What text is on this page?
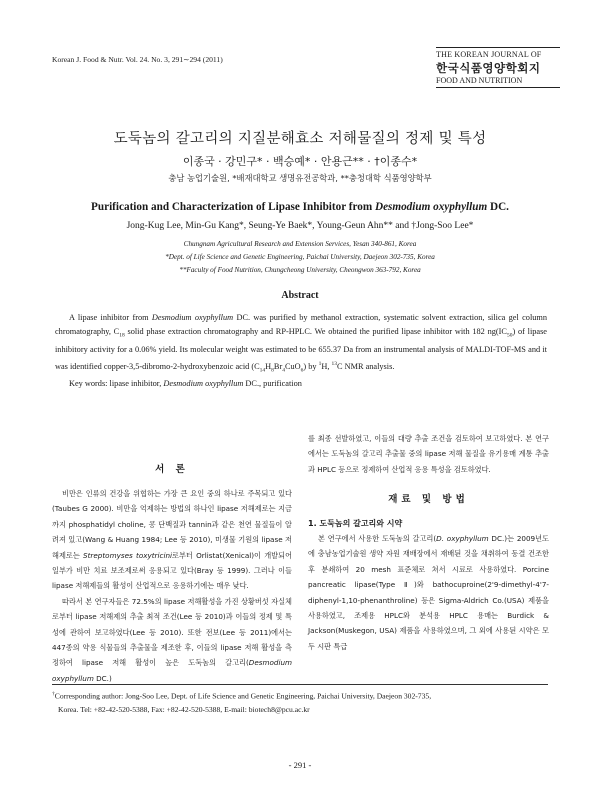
Korean J. Food & Nutr. Vol. 24. No. 3, 291∼294 (2011)
THE KOREAN JOURNAL OF
한국식품영양학회지
FOOD AND NUTRITION
도둑놈의 갈고리의 지질분해효소 저해물질의 정제 및 특성
이종국 · 강민구* · 백승예* · 안용근** · †이종수*
충남 농업기술원, *배재대학교 생명유전공학과, **충청대학 식품영양학부
Purification and Characterization of Lipase Inhibitor from Desmodium oxyphyllum DC.
Jong-Kug Lee, Min-Gu Kang*, Seung-Ye Baek*, Young-Geun Ahn** and †Jong-Soo Lee*
Chungnam Agricultural Research and Extension Services, Yesan 340-861, Korea
*Dept. of Life Science and Genetic Engineering, Paichai University, Daejeon 302-735, Korea
**Faculty of Food Nutrition, Chungcheong University, Cheongwon 363-792, Korea
Abstract

A lipase inhibitor from Desmodium oxyphyllum DC. was purified by methanol extraction, systematic solvent extraction, silica gel column chromatography, $C_{18}$ solid phase extraction chromatography and RP-HPLC. We obtained the purified lipase inhibitor with 182 $ng(IC_{50})$ of lipase inhibitory activity for a 0.06% yield. Its molecular weight was estimated to be 655.37 Da from an instrumental analysis of MALDI-TOF-MS and it was identified copper-3,5-dibromo-2-hydroxybenzoic acid $(C_{14}H_8Br_4CuO_6)$ by $^1$H, $^{13}$C NMR analysis.

Key words: lipase inhibitor, Desmodium oxyphyllum DC., purification

서 론

비만은 인류의 건강을 위협하는 가장 큰 요인 중의 하나로 주목되고 있다(Taubes G 2000). 비만을 억제하는 방법의 하나인 lipase 저해제로는 지금까지 phosphatidyl choline, 콩 단백질과 tannin과 같은 천연 물질들이 알려져 있고(Wang & Huang 1984; Lee 등 2010), 미생물 기원의 lipase 저해제로는 Streptomyses toxytricini로부터 Orlistat(Xenical)이 개발되어 일부가 비만 치료 보조제로써 응용되고 있다(Bray 등 1999). 그러나 이들 lipase 저해제들의 활성이 산업적으로 응용하기에는 매우 낮다.

따라서 본 연구자들은 72.5%의 lipase 저해활성을 가진 상황버섯 자실체로부터 lipase 저해제의 추출 최적 조건(Lee 등 2010)과 이들의 정제 및 특성에 관하여 보고하였다(Lee 등 2010). 또한 전보(Lee 등 2011)에서는 447종의 약용 식물들의 추출물을 제조한 후, 이들의 lipase 저해 활성을 측정하여 lipase 저해 활성이 높은 도둑놈의 갈고리(Desmodium oxyphyllum DC.)

를 최종 선발하였고, 이들의 대량 추출 조건을 검토하여 보고하였다. 본 연구에서는 도둑놈의 갈고리 추출물 중의 lipase 저해 물질을 유기용매 계통 추출과 HPLC 등으로 정제하여 산업적 응용 특성을 검토하였다.

재료 및 방법
1. 도둑놈의 갈고리와 시약

본 연구에서 사용한 도둑놈의 갈고리(D. oxyphyllum DC.)는 2009년도에 충남농업기술원 생약 자원 재배장에서 재배된 것을 채취하여 동결 건조한 후 분쇄하여 20 mesh 표준체로 쳐서 시료로 사용하였다. Porcine pancreatic lipase(Type Ⅱ)와 bathocuproine(2'9-dimethyl-4'7-diphenyl-1,10-phenanthroline) 등은 Sigma-Aldrich Co.(USA) 제품을 사용하였고, 조제용 HPLC와 분석용 HPLC 용매는 Burdick & Jackson(Muskegon, USA) 제품을 사용하였으며, 그 외에 사용된 시약은 모두 시판 특급

†Corresponding author: Jong-Soo Lee, Dept. of Life Science and Genetic Engineering, Paichai University, Daejeon 302-735,
Korea. Tel: +82-42-520-5388, Fax: +82-42-520-5388, E-mail: biotech8@pcu.ac.kr
- 291 -
